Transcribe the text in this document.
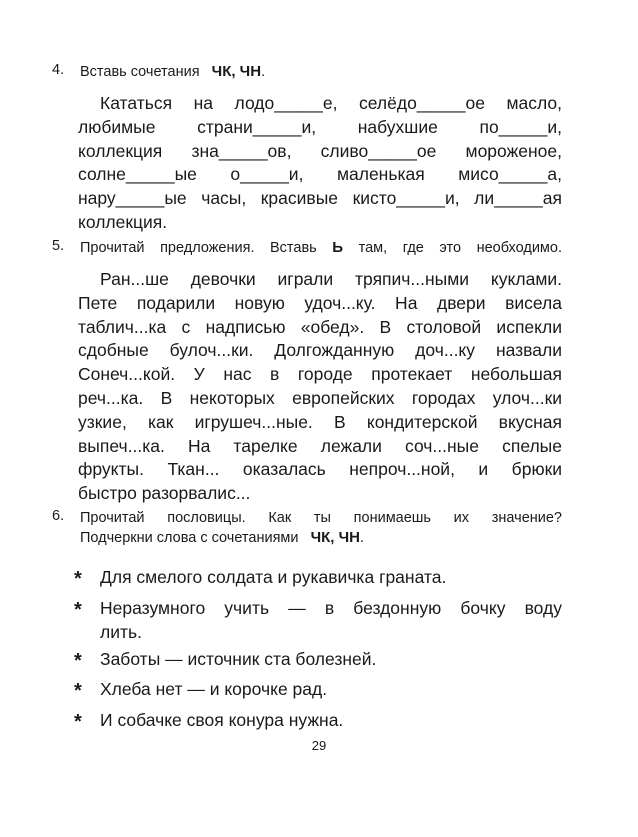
4. Вставь сочетания ЧК, ЧН.
Кататься на лодо_____е, селёдо_____ое масло,
любимые страни_____и, набухшие по_____и,
коллекция зна_____ов, сливо_____ое мороженое,
солне_____ые о_____и, маленькая мисо_____а,
нару_____ые часы, красивые кисто_____и, ли_____ая
коллекция.
5. Прочитай предложения. Вставь Ь там, где это необходимо.
Ран...ше девочки играли тряпич...ными куклами.
Пете подарили новую удоч...ку. На двери висела
таблич...ка с надписью «обед». В столовой испекли
сдобные булоч...ки. Долгожданную доч...ку назвали
Сонеч...кой. У нас в городе протекает небольшая
реч...ка. В некоторых европейских городах улоч...ки
узкие, как игрушеч...ные. В кондитерской вкусная
выпеч...ка. На тарелке лежали соч...ные спелые
фрукты. Ткан... оказалась непроч...ной, и брюки
быстро разорвалис...
6. Прочитай пословицы. Как ты понимаешь их значение?
Подчеркни слова с сочетаниями ЧК, ЧН.
* Для смелого солдата и рукавичка граната.
* Неразумного учить — в бездонную бочку воду
лить.
* Заботы — источник ста болезней.
* Хлеба нет — и корочке рад.
* И собачке своя конура нужна.
29
